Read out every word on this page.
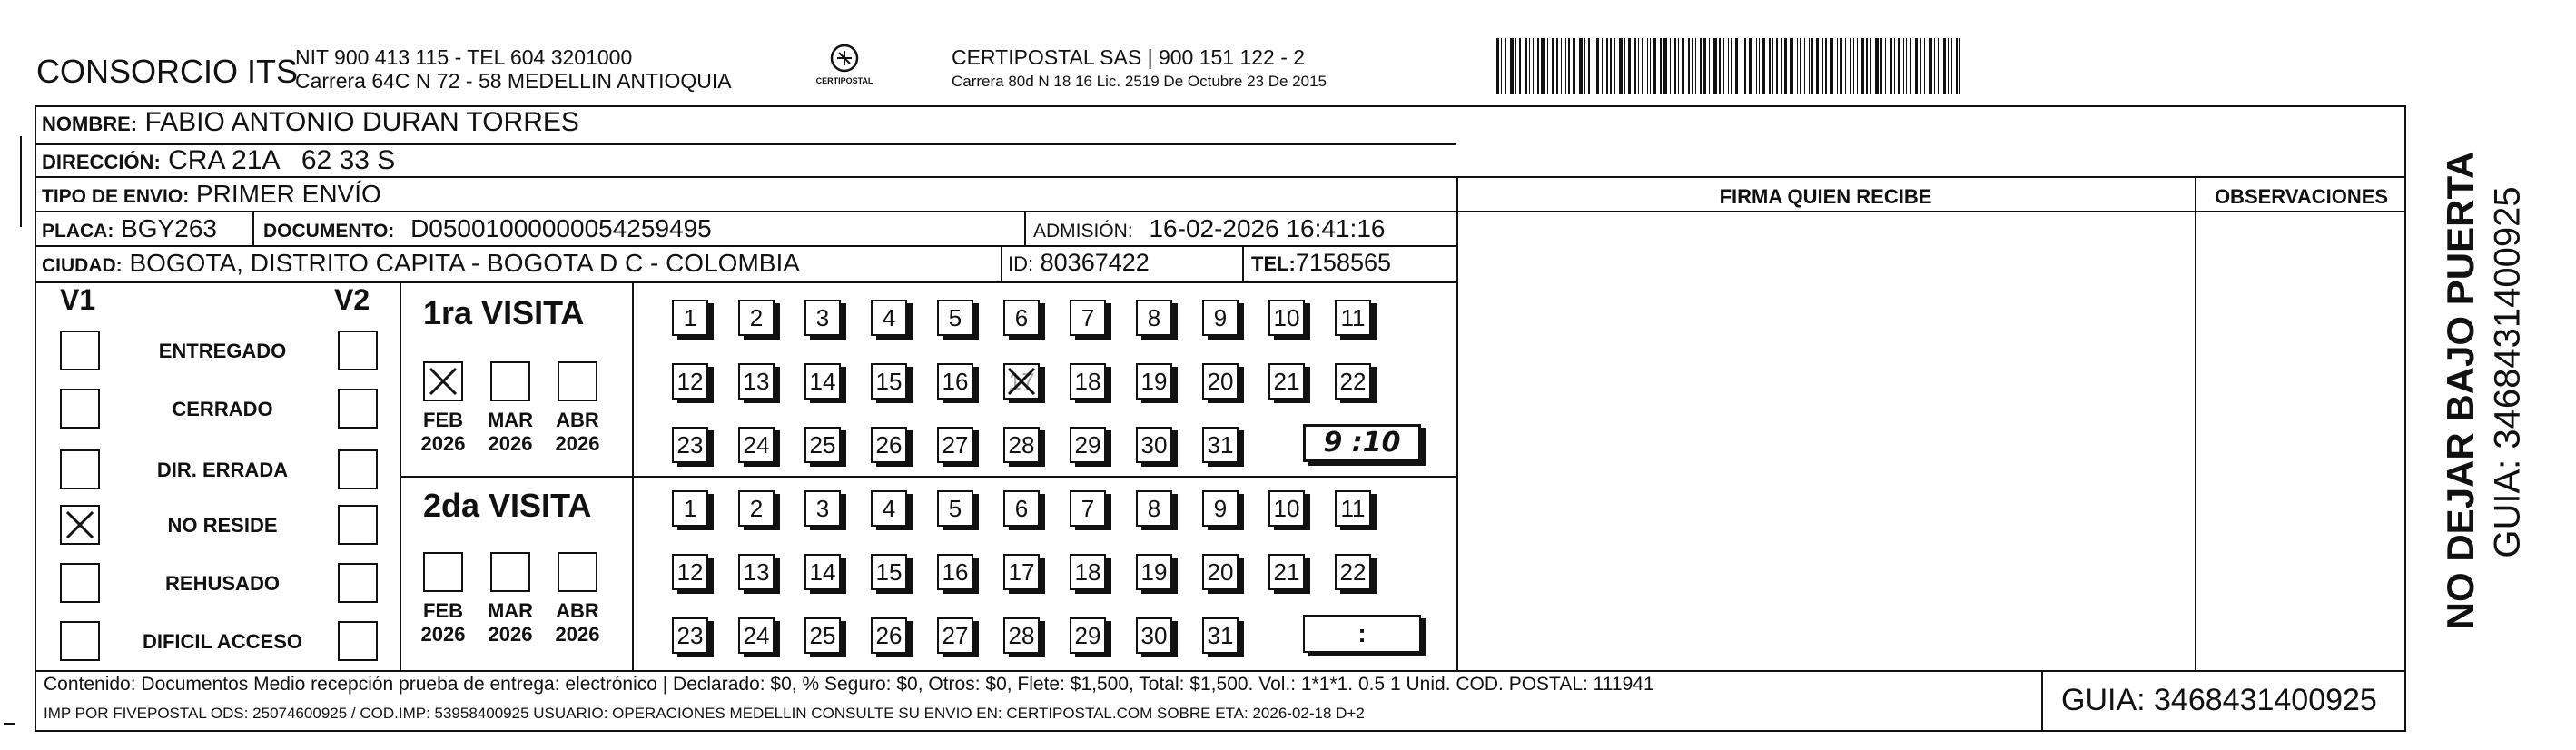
CONSORCIO ITS
NIT 900 413 115 - TEL 604 3201000
Carrera 64C N 72 - 58 MEDELLIN ANTIOQUIA	CERTIPOSTAL
CERTIPOSTAL SAS | 900 151 122 - 2
Carrera 80d N 18 16 Lic. 2519 De Octubre 23 De 2015
NOMBRE: FABIO ANTONIO DURAN TORRES
DIRECCIÓN: CRA 21A   62 33 S
TIPO DE ENVIO: PRIMER ENVÍO	FIRMA QUIEN RECIBE	OBSERVACIONES
PLACA: BGY263 DOCUMENTO: D05001000000054259495	ADMISIÓN: 16-02-2026 16:41:16
CIUDAD: BOGOTA, DISTRITO CAPITA - BOGOTA D C - COLOMBIA	ID: 80367422	TEL:7158565
V1	V2
ENTREGADO
CERRADO
DIR. ERRADA
NO RESIDE
REHUSADO
DIFICIL ACCESO
1ra VISITA
FEB
2026
MAR
2026
ABR
2026
1	2	3	4	5	6	7	8	9	10 11
12 13 14 15 16 17 18 19 20 21 22
23 24 25 26 27 28 29 30 31	9 :10
2da VISITA
FEB
2026
MAR
2026
ABR
2026
1	2	3	4	5	6	7	8	9	10 11
12 13 14 15 16 17 18 19 20 21 22
23 24 25 26 27 28 29 30 31	:
Contenido: Documentos Medio recepción prueba de entrega: electrónico | Declarado: $0, % Seguro: $0, Otros: $0, Flete: $1,500, Total: $1,500. Vol.: 1*1*1. 0.5 1 Unid. COD. POSTAL: 111941
IMP POR FIVEPOSTAL ODS: 25074600925 / COD.IMP: 53958400925 USUARIO: OPERACIONES MEDELLIN CONSULTE SU ENVIO EN: CERTIPOSTAL.COM SOBRE ETA: 2026-02-18 D+2	GUIA: 3468431400925
NO DEJAR BAJO PUERTA GUIA: 3468431400925
